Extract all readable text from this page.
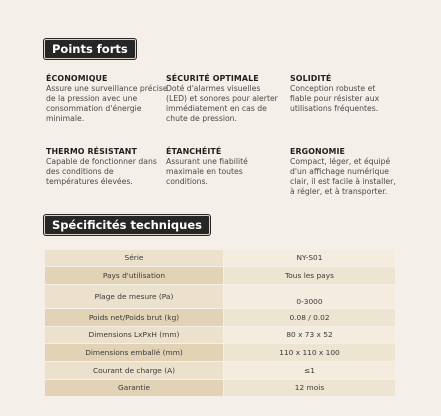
Points forts
ÉCONOMIQUE
Assure une surveillance précise de la pression avec une consommation d'énergie minimale.
SÉCURITÉ OPTIMALE
Doté d'alarmes visuelles (LED) et sonores pour alerter immédiatement en cas de chute de pression.
SOLIDITÉ
Conception robuste et fiable pour résister aux utilisations fréquentes.
THERMO RÉSISTANT
Capable de fonctionner dans des conditions de températures élevées.
ÉTANCHÉITÉ
Assurant une fiabilité maximale en toutes conditions.
ERGONOMIE
Compact, léger, et équipé d'un affichage numérique clair, il est facile à installer, à régler, et à transporter.
Spécificités techniques
Série	NY-S01
Pays d'utilisation	Tous les pays
Plage de mesure (Pa)	0-3000
Poids net/Poids brut (kg)	0.08 / 0.02
Dimensions LxPxH (mm)	80 x 73 x 52
Dimensions emballé (mm)	110 x 110 x 100
Courant de charge (A)	≤1
Garantie	12 mois
